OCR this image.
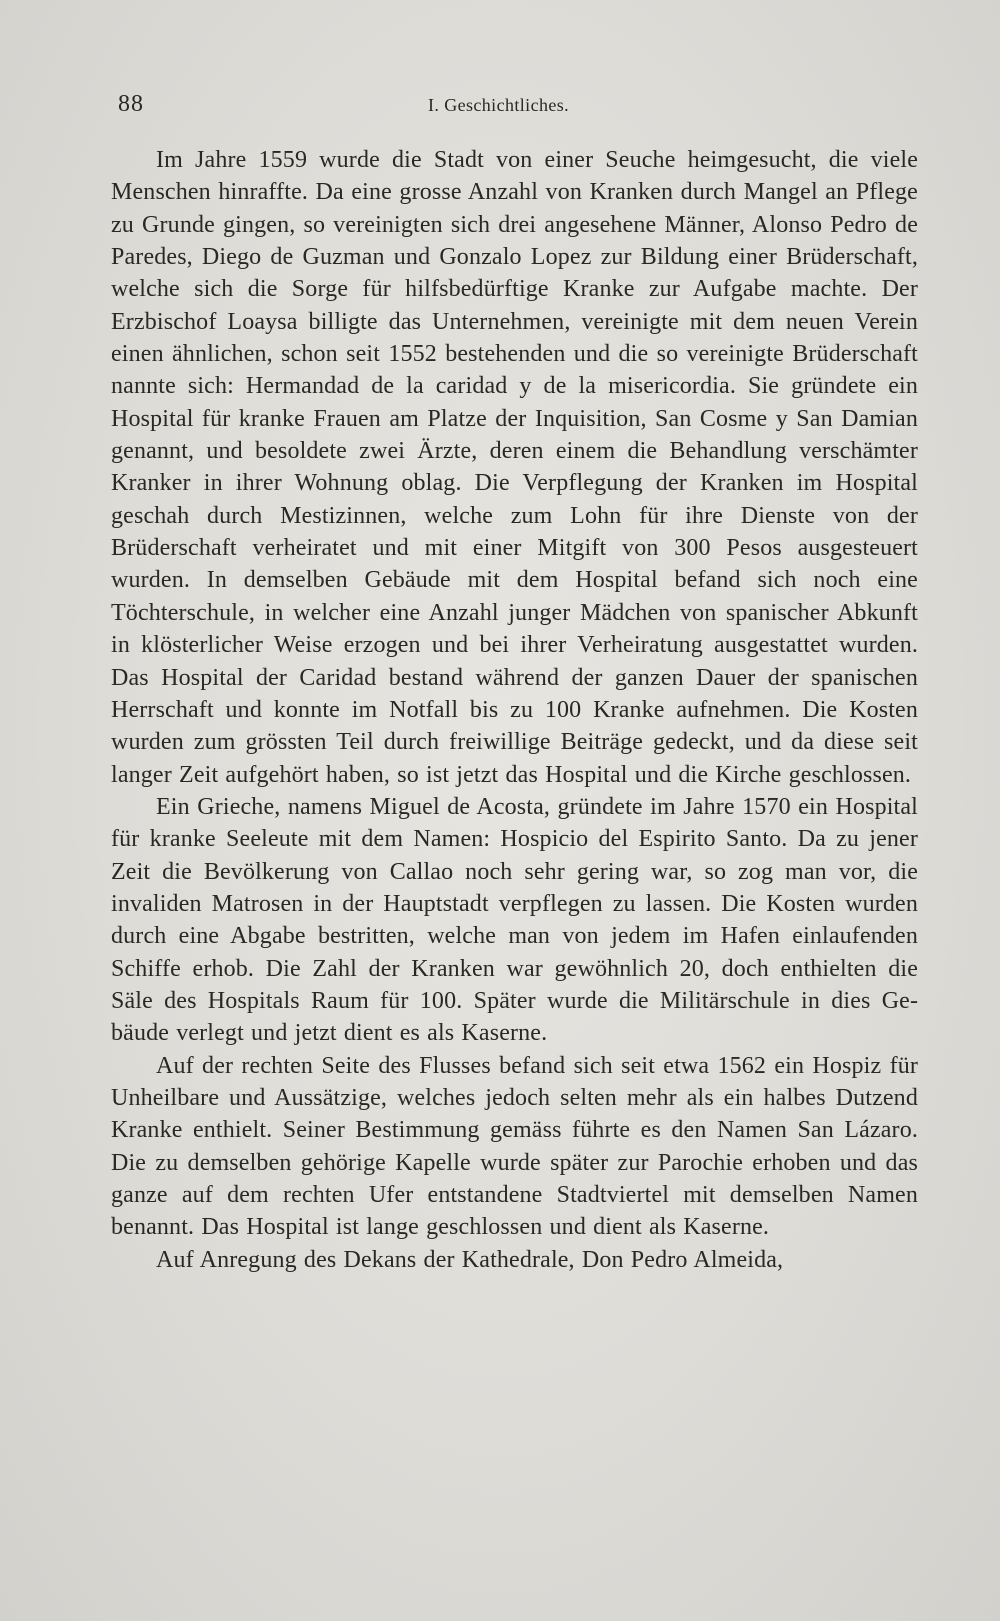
88	I. Geschichtliches.

Im Jahre 1559 wurde die Stadt von einer Seuche heimgesucht, die viele Menschen hinraffte. Da eine grosse Anzahl von Kranken durch Mangel an Pflege zu Grunde gingen, so vereinigten sich drei angesehene Männer, Alonso Pedro de Paredes, Diego de Guzman und Gonzalo Lopez zur Bildung einer Brüderschaft, welche sich die Sorge für hilfsbedürftige Kranke zur Aufgabe machte. Der Erzbischof Loaysa billigte das Unternehmen, vereinigte mit dem neuen Verein einen ähnlichen, schon seit 1552 bestehenden und die so vereinigte Brüderschaft nannte sich: Hermandad de la caridad y de la misericordia. Sie gründete ein Hospital für kranke Frauen am Platze der Inquisition, San Cosme y San Damian genannt, und besoldete zwei Ärzte, deren einem die Behandlung verschämter Kranker in ihrer Wohnung oblag. Die Verpflegung der Kranken im Hospital geschah durch Mestizinnen, welche zum Lohn für ihre Dienste von der Brüderschaft verheiratet und mit einer Mitgift von 300 Pesos ausgesteuert wurden. In demselben Gebäude mit dem Hospital befand sich noch eine Töchterschule, in welcher eine Anzahl junger Mädchen von spanischer Abkunft in klösterlicher Weise erzogen und bei ihrer Verheiratung ausgestattet wurden. Das Hospital der Caridad bestand während der ganzen Dauer der spanischen Herrschaft und konnte im Notfall bis zu 100 Kranke aufnehmen. Die Kosten wurden zum grössten Teil durch freiwillige Beiträge gedeckt, und da diese seit langer Zeit aufgehört haben, so ist jetzt das Hospital und die Kirche geschlossen.

Ein Grieche, namens Miguel de Acosta, gründete im Jahre 1570 ein Hospital für kranke Seeleute mit dem Namen: Hospicio del Espirito Santo. Da zu jener Zeit die Bevölkerung von Callao noch sehr gering war, so zog man vor, die invaliden Matrosen in der Hauptstadt verpflegen zu lassen. Die Kosten wurden durch eine Abgabe bestritten, welche man von jedem im Hafen einlaufenden Schiffe erhob. Die Zahl der Kranken war gewöhnlich 20, doch enthielten die Säle des Hospitals Raum für 100. Später wurde die Militärschule in dies Gebäude verlegt und jetzt dient es als Kaserne.

Auf der rechten Seite des Flusses befand sich seit etwa 1562 ein Hospiz für Unheilbare und Aussätzige, welches jedoch selten mehr als ein halbes Dutzend Kranke enthielt. Seiner Bestimmung gemäss führte es den Namen San Lázaro. Die zu demselben gehörige Kapelle wurde später zur Parochie erhoben und das ganze auf dem rechten Ufer entstandene Stadtviertel mit demselben Namen benannt. Das Hospital ist lange geschlossen und dient als Kaserne.

Auf Anregung des Dekans der Kathedrale, Don Pedro Almeida,
